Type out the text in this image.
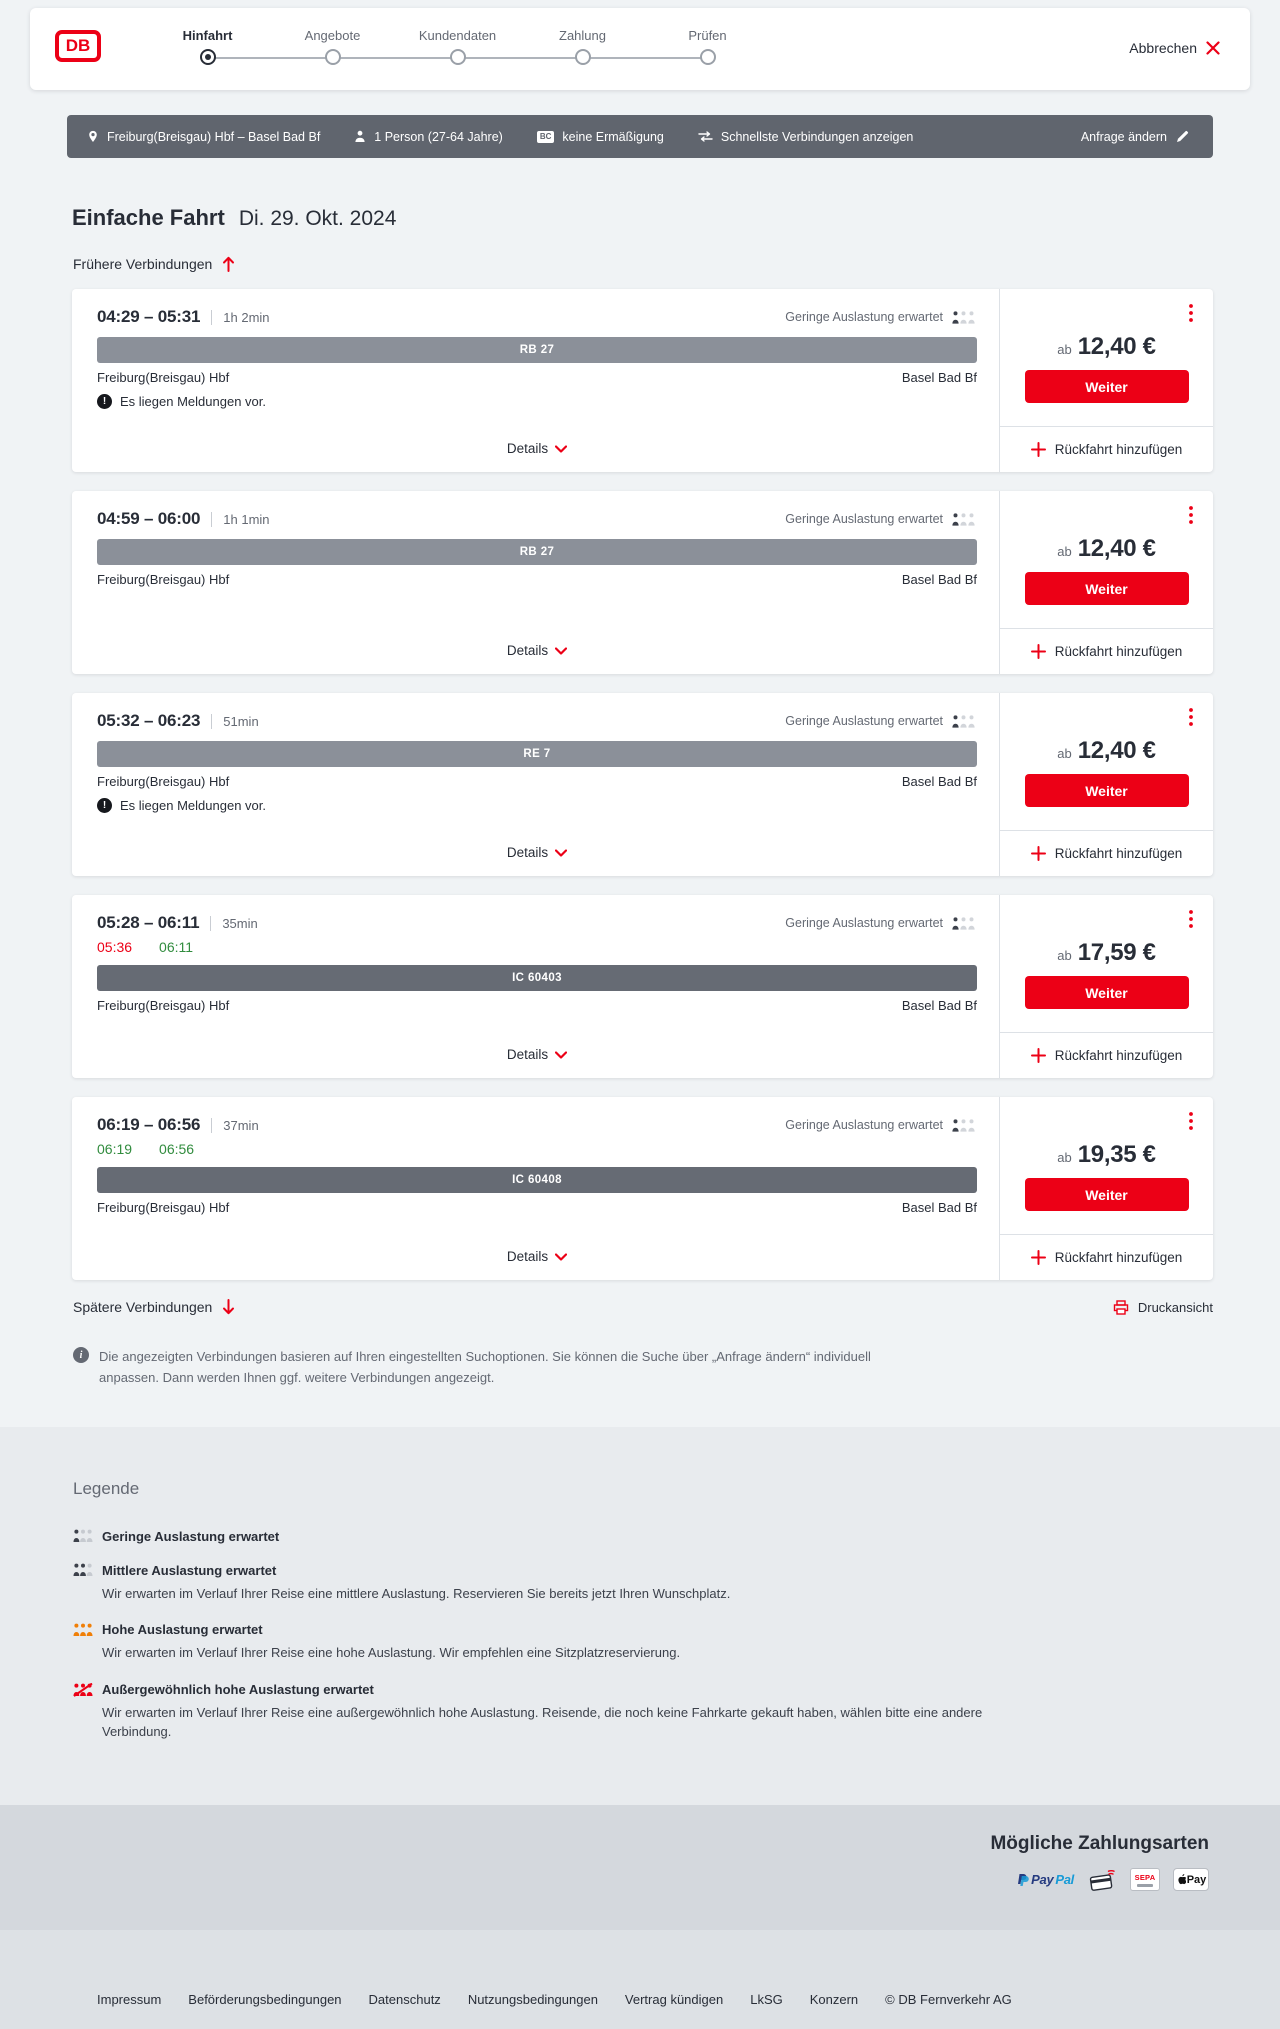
DB
Hinfahrt	Angebote	Kundendaten	Zahlung	Prüfen
Abbrechen
Freiburg(Breisgau) Hbf – Basel Bad Bf	1 Person (27-64 Jahre)	BC keine Ermäßigung	Schnellste Verbindungen anzeigen	Anfrage ändern
Einfache Fahrt Di. 29. Okt. 2024
Frühere Verbindungen
04:29 – 05:31 1h 2min	Geringe Auslastung erwartet
RB 27
Freiburg(Breisgau) Hbf	Basel Bad Bf
!	Es liegen Meldungen vor.
Details
ab 12,40 €
Weiter
Rückfahrt hinzufügen
04:59 – 06:00 1h 1min	Geringe Auslastung erwartet
RB 27
Freiburg(Breisgau) Hbf	Basel Bad Bf
Details
ab 12,40 €
Weiter
Rückfahrt hinzufügen
05:32 – 06:23 51min	Geringe Auslastung erwartet
RE 7
Freiburg(Breisgau) Hbf	Basel Bad Bf
!	Es liegen Meldungen vor.
Details
ab 12,40 €
Weiter
Rückfahrt hinzufügen
05:28 – 06:11 35min	Geringe Auslastung erwartet
05:36 06:11
IC 60403
Freiburg(Breisgau) Hbf	Basel Bad Bf
Details
ab 17,59 €
Weiter
Rückfahrt hinzufügen
06:19 – 06:56 37min	Geringe Auslastung erwartet
06:19 06:56
IC 60408
Freiburg(Breisgau) Hbf	Basel Bad Bf
Details
ab 19,35 €
Weiter
Rückfahrt hinzufügen
Spätere Verbindungen	Druckansicht
i	Die angezeigten Verbindungen basieren auf Ihren eingestellten Suchoptionen. Sie können die Suche über „Anfrage ändern“ individuell anpassen. Dann werden Ihnen ggf. weitere Verbindungen angezeigt.

Legende
Geringe Auslastung erwartet
Mittlere Auslastung erwartet

Wir erwarten im Verlauf Ihrer Reise eine mittlere Auslastung. Reservieren Sie bereits jetzt Ihren Wunschplatz.

Hohe Auslastung erwartet

Wir erwarten im Verlauf Ihrer Reise eine hohe Auslastung. Wir empfehlen eine Sitzplatzreservierung.

Außergewöhnlich hohe Auslastung erwartet

Wir erwarten im Verlauf Ihrer Reise eine außergewöhnlich hohe Auslastung. Reisende, die noch keine Fahrkarte gekauft haben, wählen bitte eine andere Verbindung.

Mögliche Zahlungsarten
Pay Pal	SEPA	Pay
Impressum Beförderungsbedingungen Datenschutz Nutzungsbedingungen Vertrag kündigen LkSG Konzern © DB Fernverkehr AG
